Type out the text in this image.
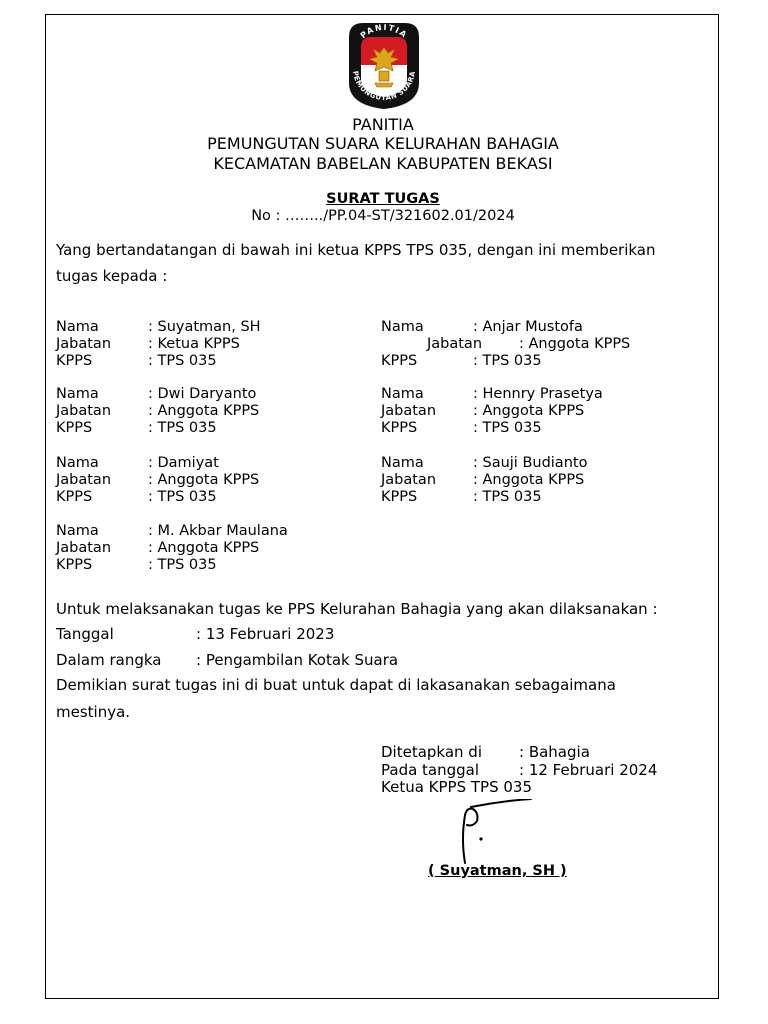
PANITIA
PEMUNGUTAN SUARA
PANITIA
PEMUNGUTAN SUARA KELURAHAN BAHAGIA
KECAMATAN BABELAN KABUPATEN BEKASI
SURAT TUGAS
No : ……../PP.04-ST/321602.01/2024
Yang bertandatangan di bawah ini ketua KPPS TPS 035, dengan ini memberikan
tugas kepada :
Nama	: Suyatman, SH
Jabatan	: Ketua KPPS
KPPS	: TPS 035
Nama	: Anjar Mustofa
Jabatan	: Anggota KPPS
KPPS	: TPS 035
Nama	: Dwi Daryanto
Jabatan	: Anggota KPPS
KPPS	: TPS 035
Nama	: Hennry Prasetya
Jabatan	: Anggota KPPS
KPPS	: TPS 035
Nama	: Damiyat
Jabatan	: Anggota KPPS
KPPS	: TPS 035
Nama	: Sauji Budianto
Jabatan	: Anggota KPPS
KPPS	: TPS 035
Nama	: M. Akbar Maulana
Jabatan	: Anggota KPPS
KPPS	: TPS 035
Untuk melaksanakan tugas ke PPS Kelurahan Bahagia yang akan dilaksanakan :
Tanggal	: 13 Februari 2023
Dalam rangka : Pengambilan Kotak Suara
Demikian surat tugas ini di buat untuk dapat di lakasanakan sebagaimana
mestinya.
Ditetapkan di : Bahagia
Pada tanggal	: 12 Februari 2024
Ketua KPPS TPS 035
( Suyatman, SH )
